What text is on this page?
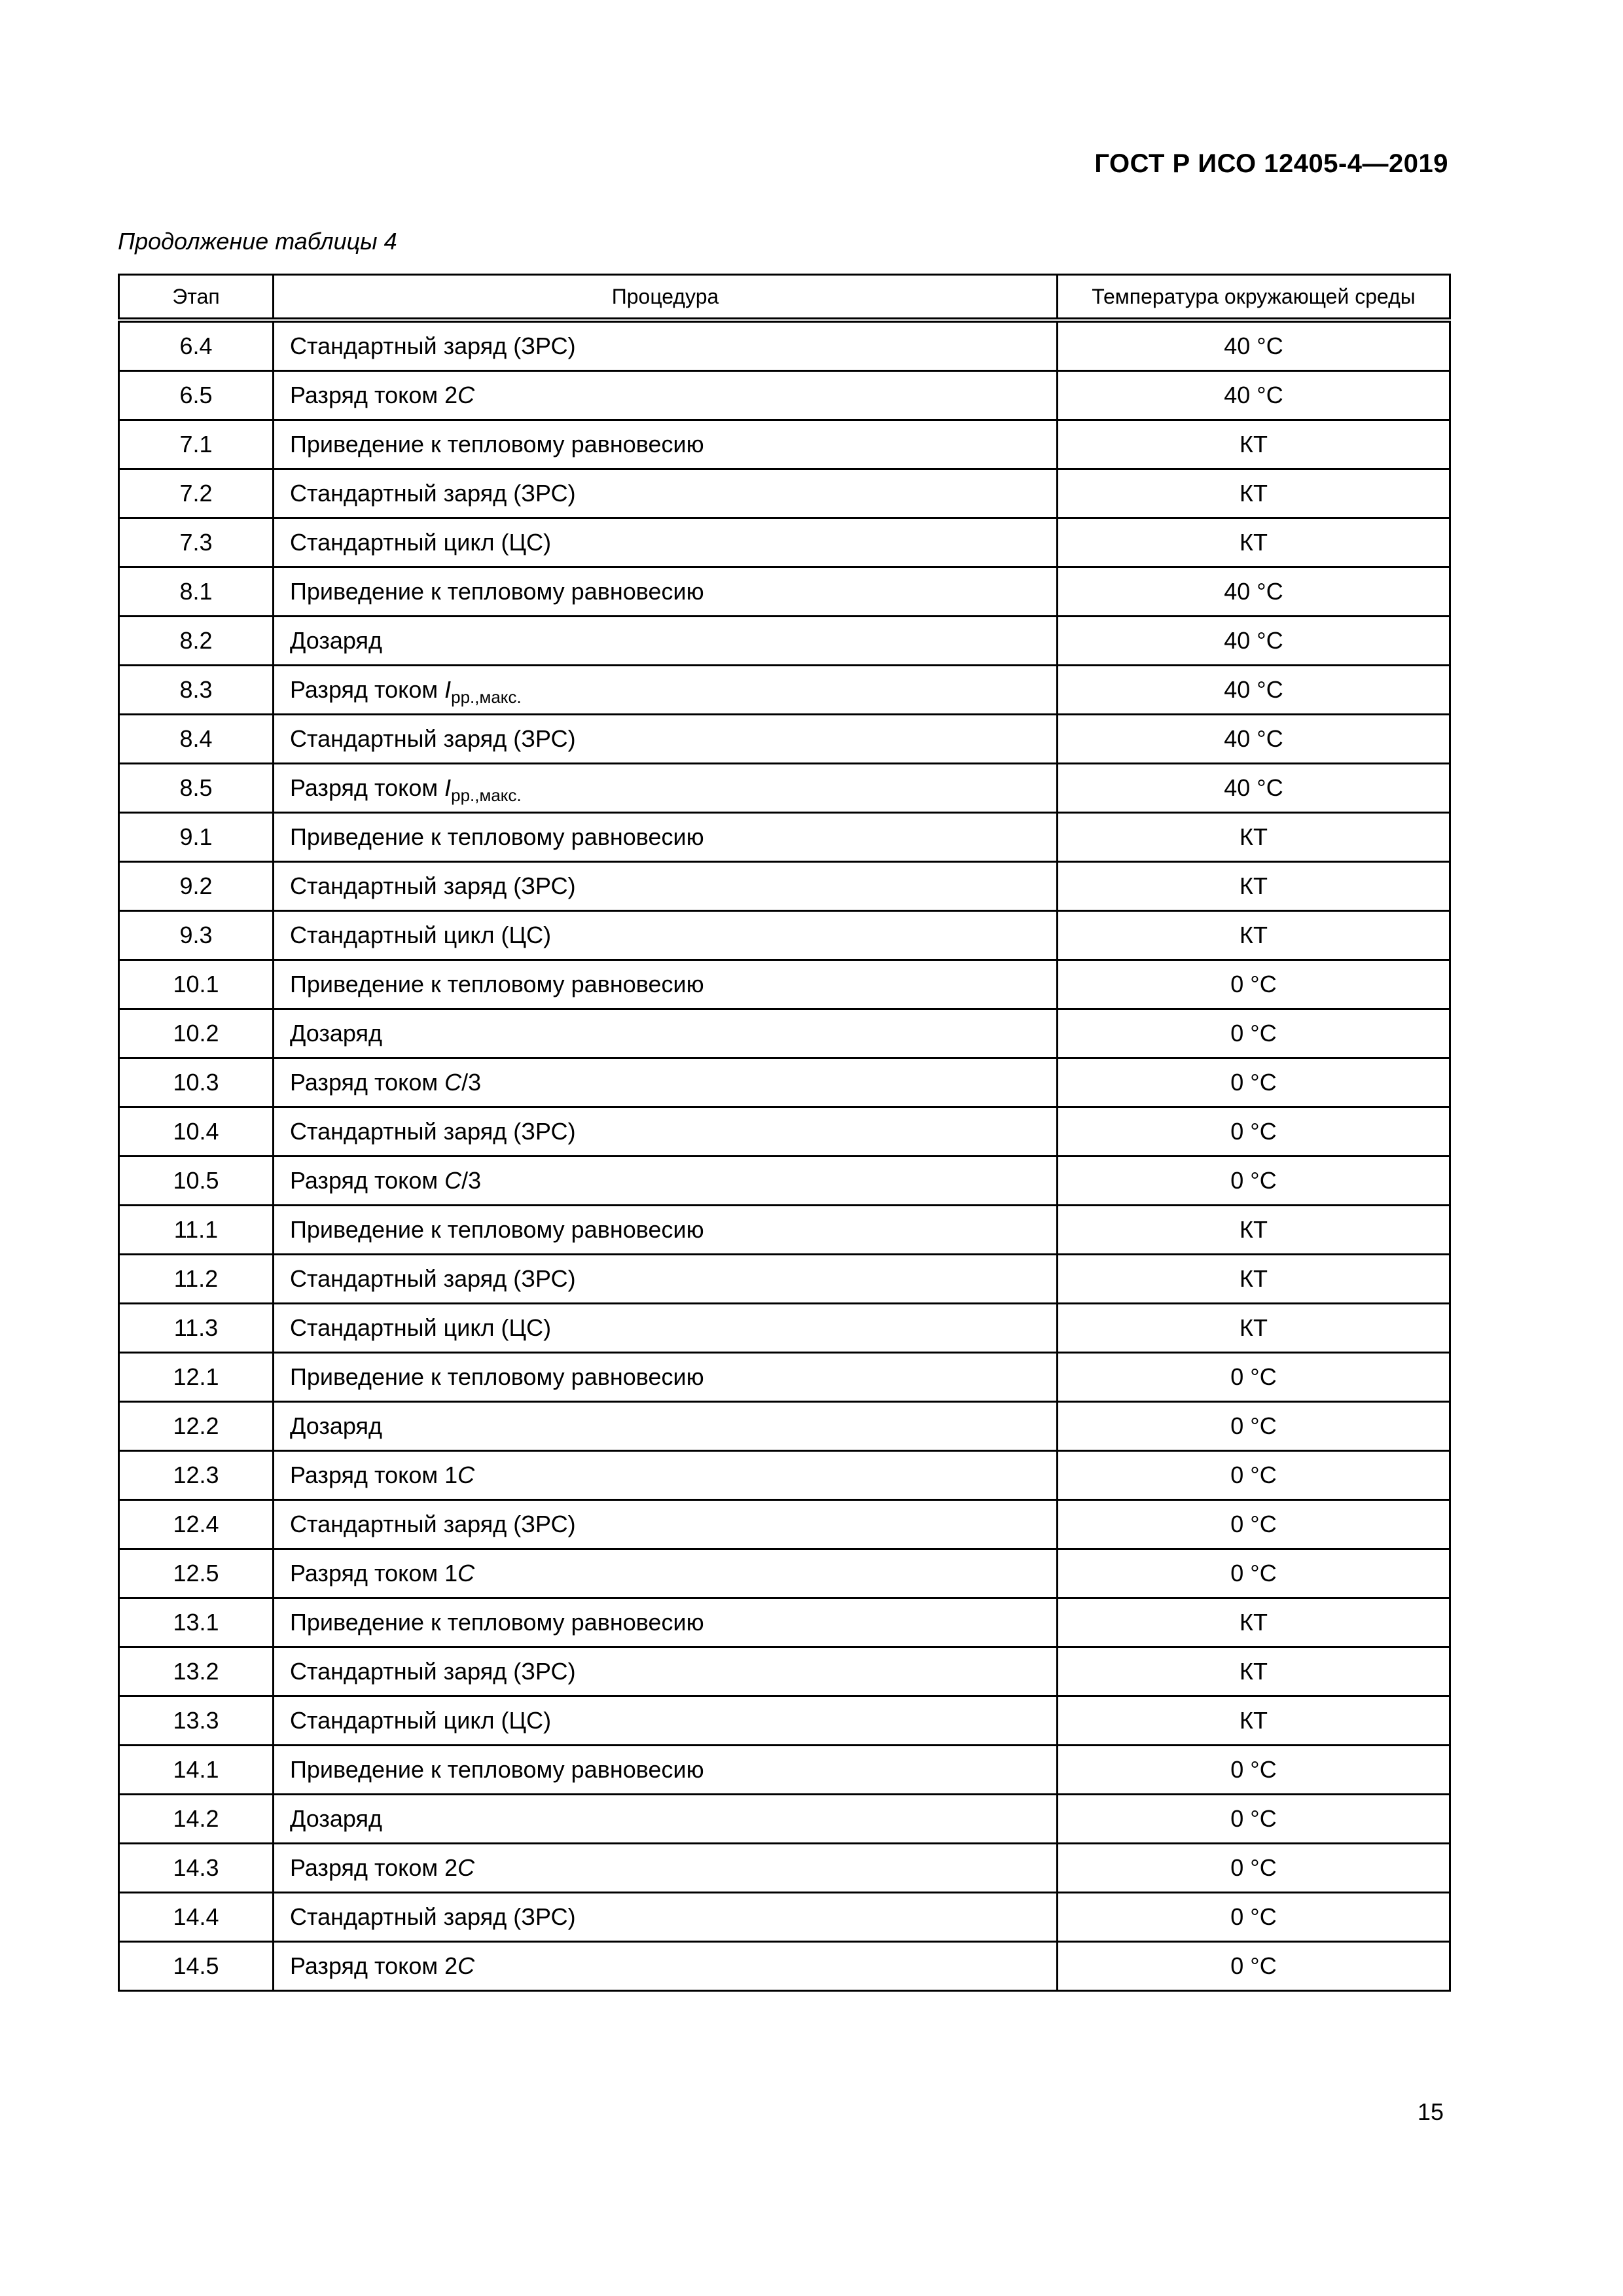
ГОСТ Р ИСО 12405-4—2019
Продолжение таблицы 4
Этап	Процедура	Температура окружающей среды
6.4	Стандартный заряд (ЗРС)	40 °С
6.5	Разряд током 2С	40 °С
7.1	Приведение к тепловому равновесию	КТ
7.2	Стандартный заряд (ЗРС)	КТ
7.3	Стандартный цикл (ЦС)	КТ
8.1	Приведение к тепловому равновесию	40 °С
8.2	Дозаряд	40 °С
8.3	Разряд током $I_{рр.,макс.}$	40 °С
8.4	Стандартный заряд (ЗРС)	40 °С
8.5	Разряд током $I_{рр.,макс.}$	40 °С
9.1	Приведение к тепловому равновесию	КТ
9.2	Стандартный заряд (ЗРС)	КТ
9.3	Стандартный цикл (ЦС)	КТ
10.1	Приведение к тепловому равновесию	0 °С
10.2	Дозаряд	0 °С
10.3	Разряд током С/3	0 °С
10.4	Стандартный заряд (ЗРС)	0 °С
10.5	Разряд током С/3	0 °С
11.1	Приведение к тепловому равновесию	КТ
11.2	Стандартный заряд (ЗРС)	КТ
11.3	Стандартный цикл (ЦС)	КТ
12.1	Приведение к тепловому равновесию	0 °С
12.2	Дозаряд	0 °С
12.3	Разряд током 1С	0 °С
12.4	Стандартный заряд (ЗРС)	0 °С
12.5	Разряд током 1С	0 °С
13.1	Приведение к тепловому равновесию	КТ
13.2	Стандартный заряд (ЗРС)	КТ
13.3	Стандартный цикл (ЦС)	КТ
14.1	Приведение к тепловому равновесию	0 °С
14.2	Дозаряд	0 °С
14.3	Разряд током 2С	0 °С
14.4	Стандартный заряд (ЗРС)	0 °С
14.5	Разряд током 2С	0 °С
15
